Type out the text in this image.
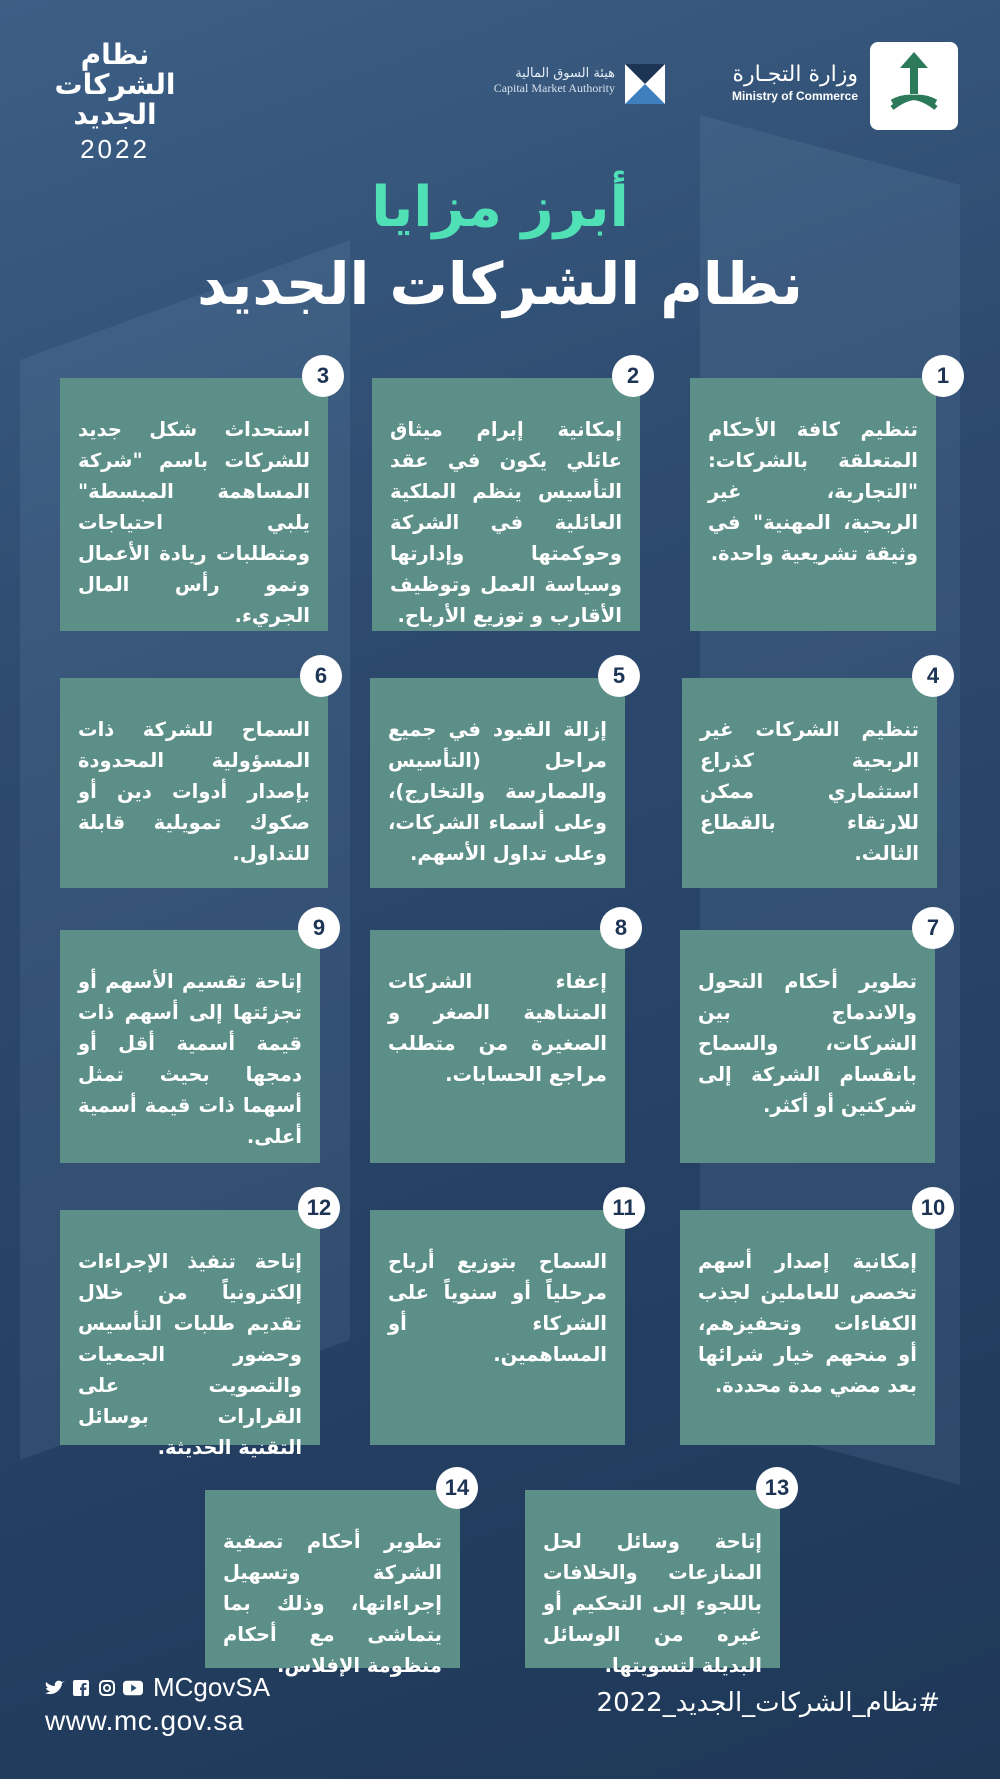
نظام
الشركات
الجديد
2022
هيئة السوق المالية
Capital Market Authority
وزارة التجـارة
Ministry of Commerce
أبرز مزايا
نظام الشركات الجديد
تنظيم كافة الأحكام المتعلقة بالشركات: "التجارية، غير الربحية، المهنية" في وثيقة تشريعية واحدة.
1
إمكانية إبرام ميثاق عائلي يكون في عقد التأسيس ينظم الملكية العائلية في الشركة وحوكمتها وإدارتها وسياسة العمل وتوظيف الأقارب و توزيع الأرباح.
2
استحداث شكل جديد للشركات باسم "شركة المساهمة المبسطة" يلبي احتياجات ومتطلبات ريادة الأعمال ونمو رأس المال الجريء.
3
تنظيم الشركات غير الربحية كذراع استثماري ممكن للارتقاء بالقطاع الثالث.
4
إزالة القيود في جميع مراحل (التأسيس والممارسة والتخارج)، وعلى أسماء الشركات، وعلى تداول الأسهم.
5
السماح للشركة ذات المسؤولية المحدودة بإصدار أدوات دين أو صكوك تمويلية قابلة للتداول.
6
تطوير أحكام التحول والاندماج بين الشركات، والسماح بانقسام الشركة إلى شركتين أو أكثر.
7
إعفاء الشركات المتناهية الصغر و الصغيرة من متطلب مراجع الحسابات.
8
إتاحة تقسيم الأسهم أو تجزئتها إلى أسهم ذات قيمة أسمية أقل أو دمجها بحيث تمثل أسهما ذات قيمة أسمية أعلى.
9
إمكانية إصدار أسهم تخصص للعاملين لجذب الكفاءات وتحفيزهم، أو منحهم خيار شرائها بعد مضي مدة محددة.
10
السماح بتوزيع أرباح مرحلياً أو سنوياً على الشركاء أو المساهمين.
11
إتاحة تنفيذ الإجراءات إلكترونياً من خلال تقديم طلبات التأسيس وحضور الجمعيات والتصويت على القرارات بوسائل التقنية الحديثة.
12
إتاحة وسائل لحل المنازعات والخلافات باللجوء إلى التحكيم أو غيره من الوسائل البديلة لتسويتها.
13
تطوير أحكام تصفية الشركة وتسهيل إجراءاتها، وذلك بما يتماشى مع أحكام منظومة الإفلاس.
14
MCgovSA
www.mc.gov.sa
#نظام_الشركات_الجديد_2022
